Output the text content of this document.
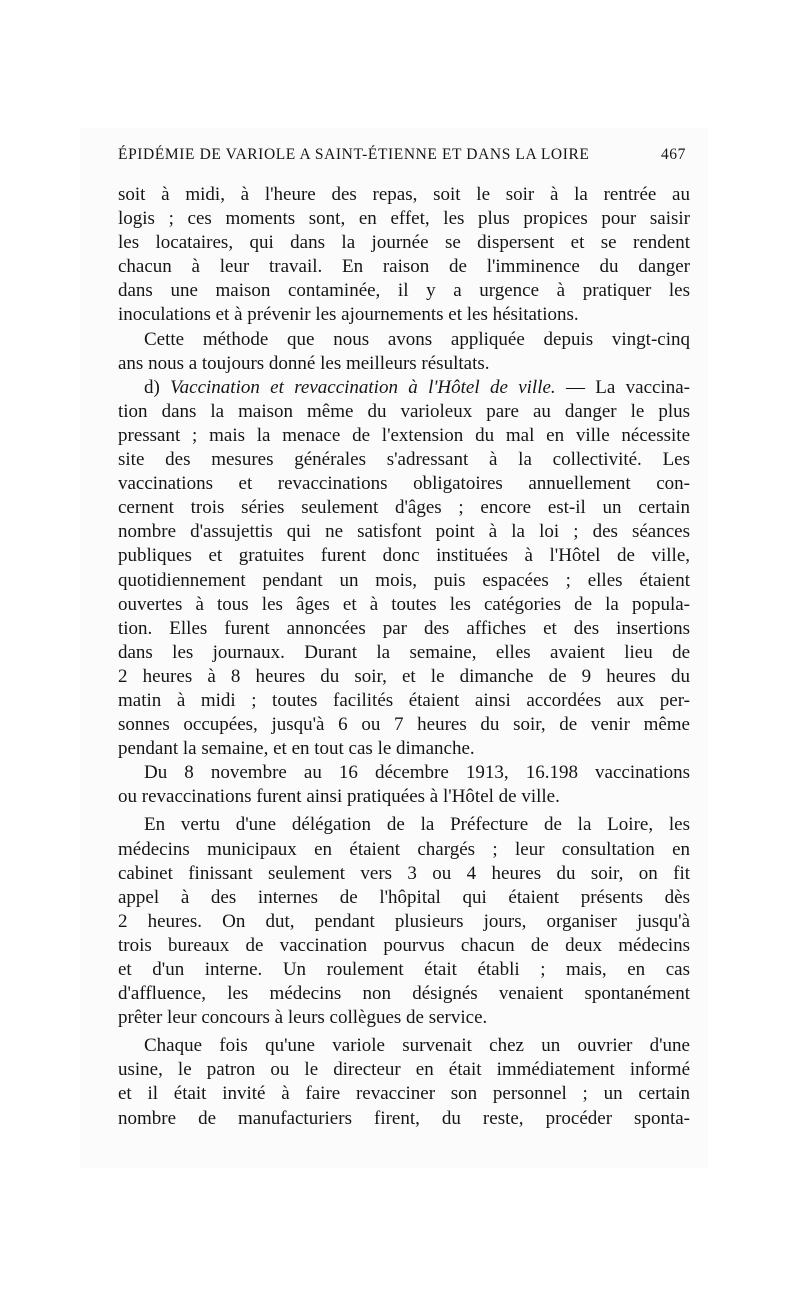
ÉPIDÉMIE DE VARIOLE A SAINT-ÉTIENNE ET DANS LA LOIRE	467
soit à midi, à l'heure des repas, soit le soir à la rentrée au
logis ; ces moments sont, en effet, les plus propices pour saisir
les locataires, qui dans la journée se dispersent et se rendent
chacun à leur travail. En raison de l'imminence du danger
dans une maison contaminée, il y a urgence à pratiquer les
inoculations et à prévenir les ajournements et les hésitations.
Cette méthode que nous avons appliquée depuis vingt-cinq
ans nous a toujours donné les meilleurs résultats.
d) Vaccination et revaccination à l'Hôtel de ville. — La vaccina-
tion dans la maison même du varioleux pare au danger le plus
pressant ; mais la menace de l'extension du mal en ville nécessite
site des mesures générales s'adressant à la collectivité. Les
vaccinations et revaccinations obligatoires annuellement con-
cernent trois séries seulement d'âges ; encore est-il un certain
nombre d'assujettis qui ne satisfont point à la loi ; des séances
publiques et gratuites furent donc instituées à l'Hôtel de ville,
quotidiennement pendant un mois, puis espacées ; elles étaient
ouvertes à tous les âges et à toutes les catégories de la popula-
tion. Elles furent annoncées par des affiches et des insertions
dans les journaux. Durant la semaine, elles avaient lieu de
2 heures à 8 heures du soir, et le dimanche de 9 heures du
matin à midi ; toutes facilités étaient ainsi accordées aux per-
sonnes occupées, jusqu'à 6 ou 7 heures du soir, de venir même
pendant la semaine, et en tout cas le dimanche.
Du 8 novembre au 16 décembre 1913, 16.198 vaccinations
ou revaccinations furent ainsi pratiquées à l'Hôtel de ville.
En vertu d'une délégation de la Préfecture de la Loire, les
médecins municipaux en étaient chargés ; leur consultation en
cabinet finissant seulement vers 3 ou 4 heures du soir, on fit
appel à des internes de l'hôpital qui étaient présents dès
2 heures. On dut, pendant plusieurs jours, organiser jusqu'à
trois bureaux de vaccination pourvus chacun de deux médecins
et d'un interne. Un roulement était établi ; mais, en cas
d'affluence, les médecins non désignés venaient spontanément
prêter leur concours à leurs collègues de service.
Chaque fois qu'une variole survenait chez un ouvrier d'une
usine, le patron ou le directeur en était immédiatement informé
et il était invité à faire revacciner son personnel ; un certain
nombre de manufacturiers firent, du reste, procéder sponta-
